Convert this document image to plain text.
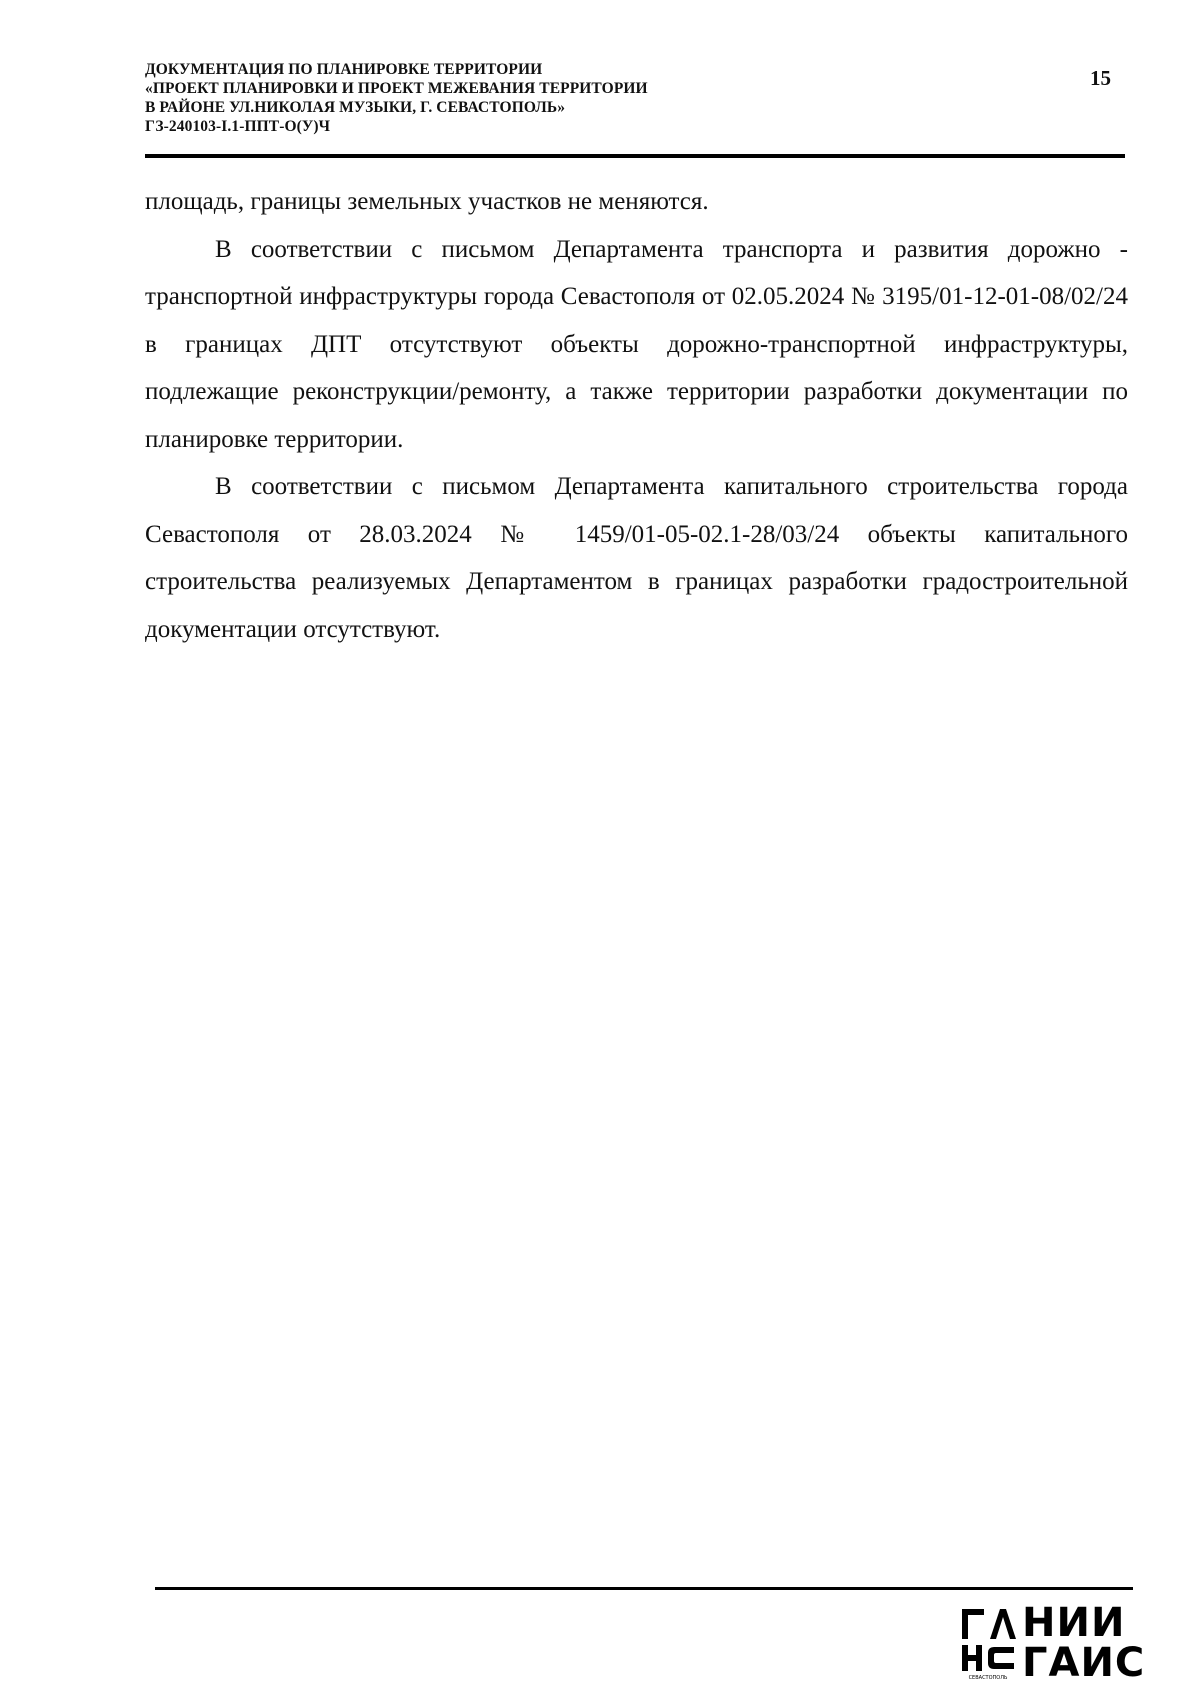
ДОКУМЕНТАЦИЯ ПО ПЛАНИРОВКЕ ТЕРРИТОРИИ
«ПРОЕКТ ПЛАНИРОВКИ И ПРОЕКТ МЕЖЕВАНИЯ ТЕРРИТОРИИ
В РАЙОНЕ УЛ.НИКОЛАЯ МУЗЫКИ, Г. СЕВАСТОПОЛЬ»
ГЗ-240103-І.1-ППТ-О(У)Ч
15

площадь, границы земельных участков не меняются.

В соответствии с письмом Департамента транспорта и развития дорожно - транспортной инфраструктуры города Севастополя от 02.05.2024 № 3195/01-12-01-08/02/24 в границах ДПТ отсутствуют объекты дорожно-транспортной инфраструктуры, подлежащие реконструкции/ремонту, а также территории разработки документации по планировке территории.

В соответствии с письмом Департамента капитального строительства города Севастополя от 28.03.2024 № 1459/01-05-02.1-28/03/24 объекты капитального строительства реализуемых Департаментом в границах разработки градостроительной документации отсутствуют.

СЕВАСТОПОЛЬ
НИИ
ГАИС
